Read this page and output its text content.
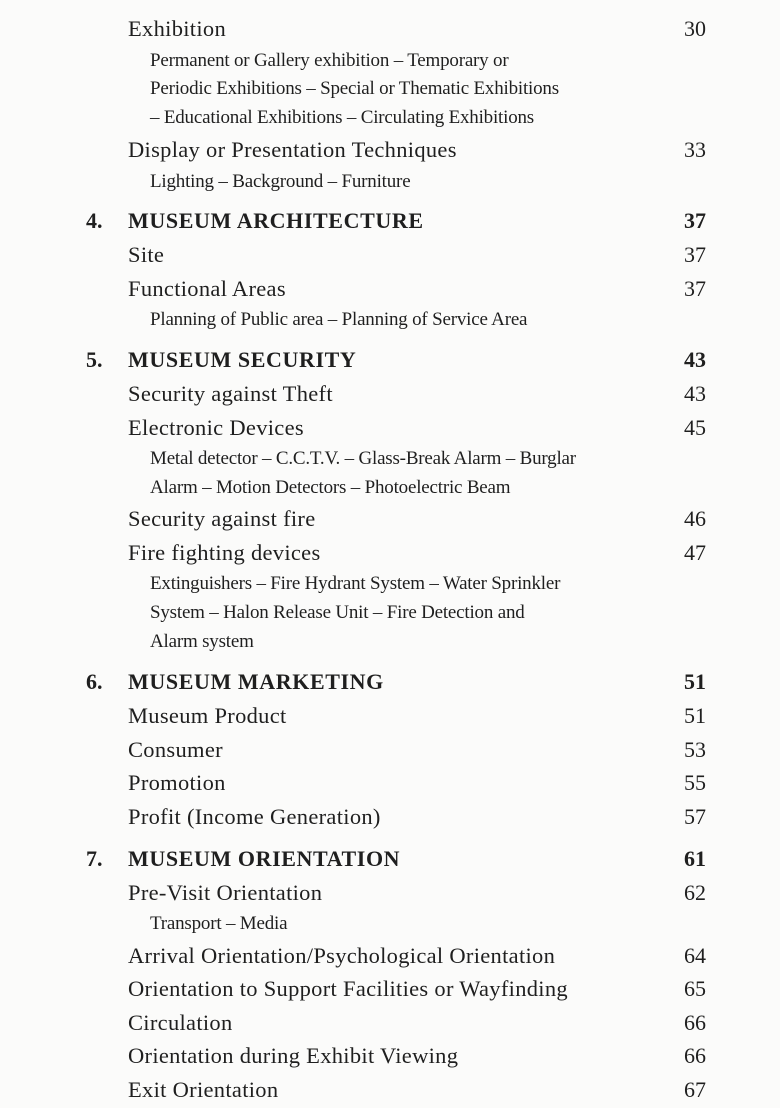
Exhibition	30
Permanent or Gallery exhibition – Temporary or
Periodic Exhibitions – Special or Thematic Exhibitions
– Educational Exhibitions – Circulating Exhibitions
Display or Presentation Techniques	33
Lighting – Background – Furniture
4. MUSEUM ARCHITECTURE	37
Site	37
Functional Areas	37
Planning of Public area – Planning of Service Area
5. MUSEUM SECURITY	43
Security against Theft	43
Electronic Devices	45
Metal detector – C.C.T.V. – Glass-Break Alarm – Burglar
Alarm – Motion Detectors – Photoelectric Beam
Security against fire	46
Fire fighting devices	47
Extinguishers – Fire Hydrant System – Water Sprinkler
System – Halon Release Unit – Fire Detection and
Alarm system
6. MUSEUM MARKETING	51
Museum Product	51
Consumer	53
Promotion	55
Profit (Income Generation)	57
7. MUSEUM ORIENTATION	61
Pre-Visit Orientation	62
Transport – Media
Arrival Orientation/Psychological Orientation	64
Orientation to Support Facilities or Wayfinding	65
Circulation	66
Orientation during Exhibit Viewing	66
Exit Orientation	67
